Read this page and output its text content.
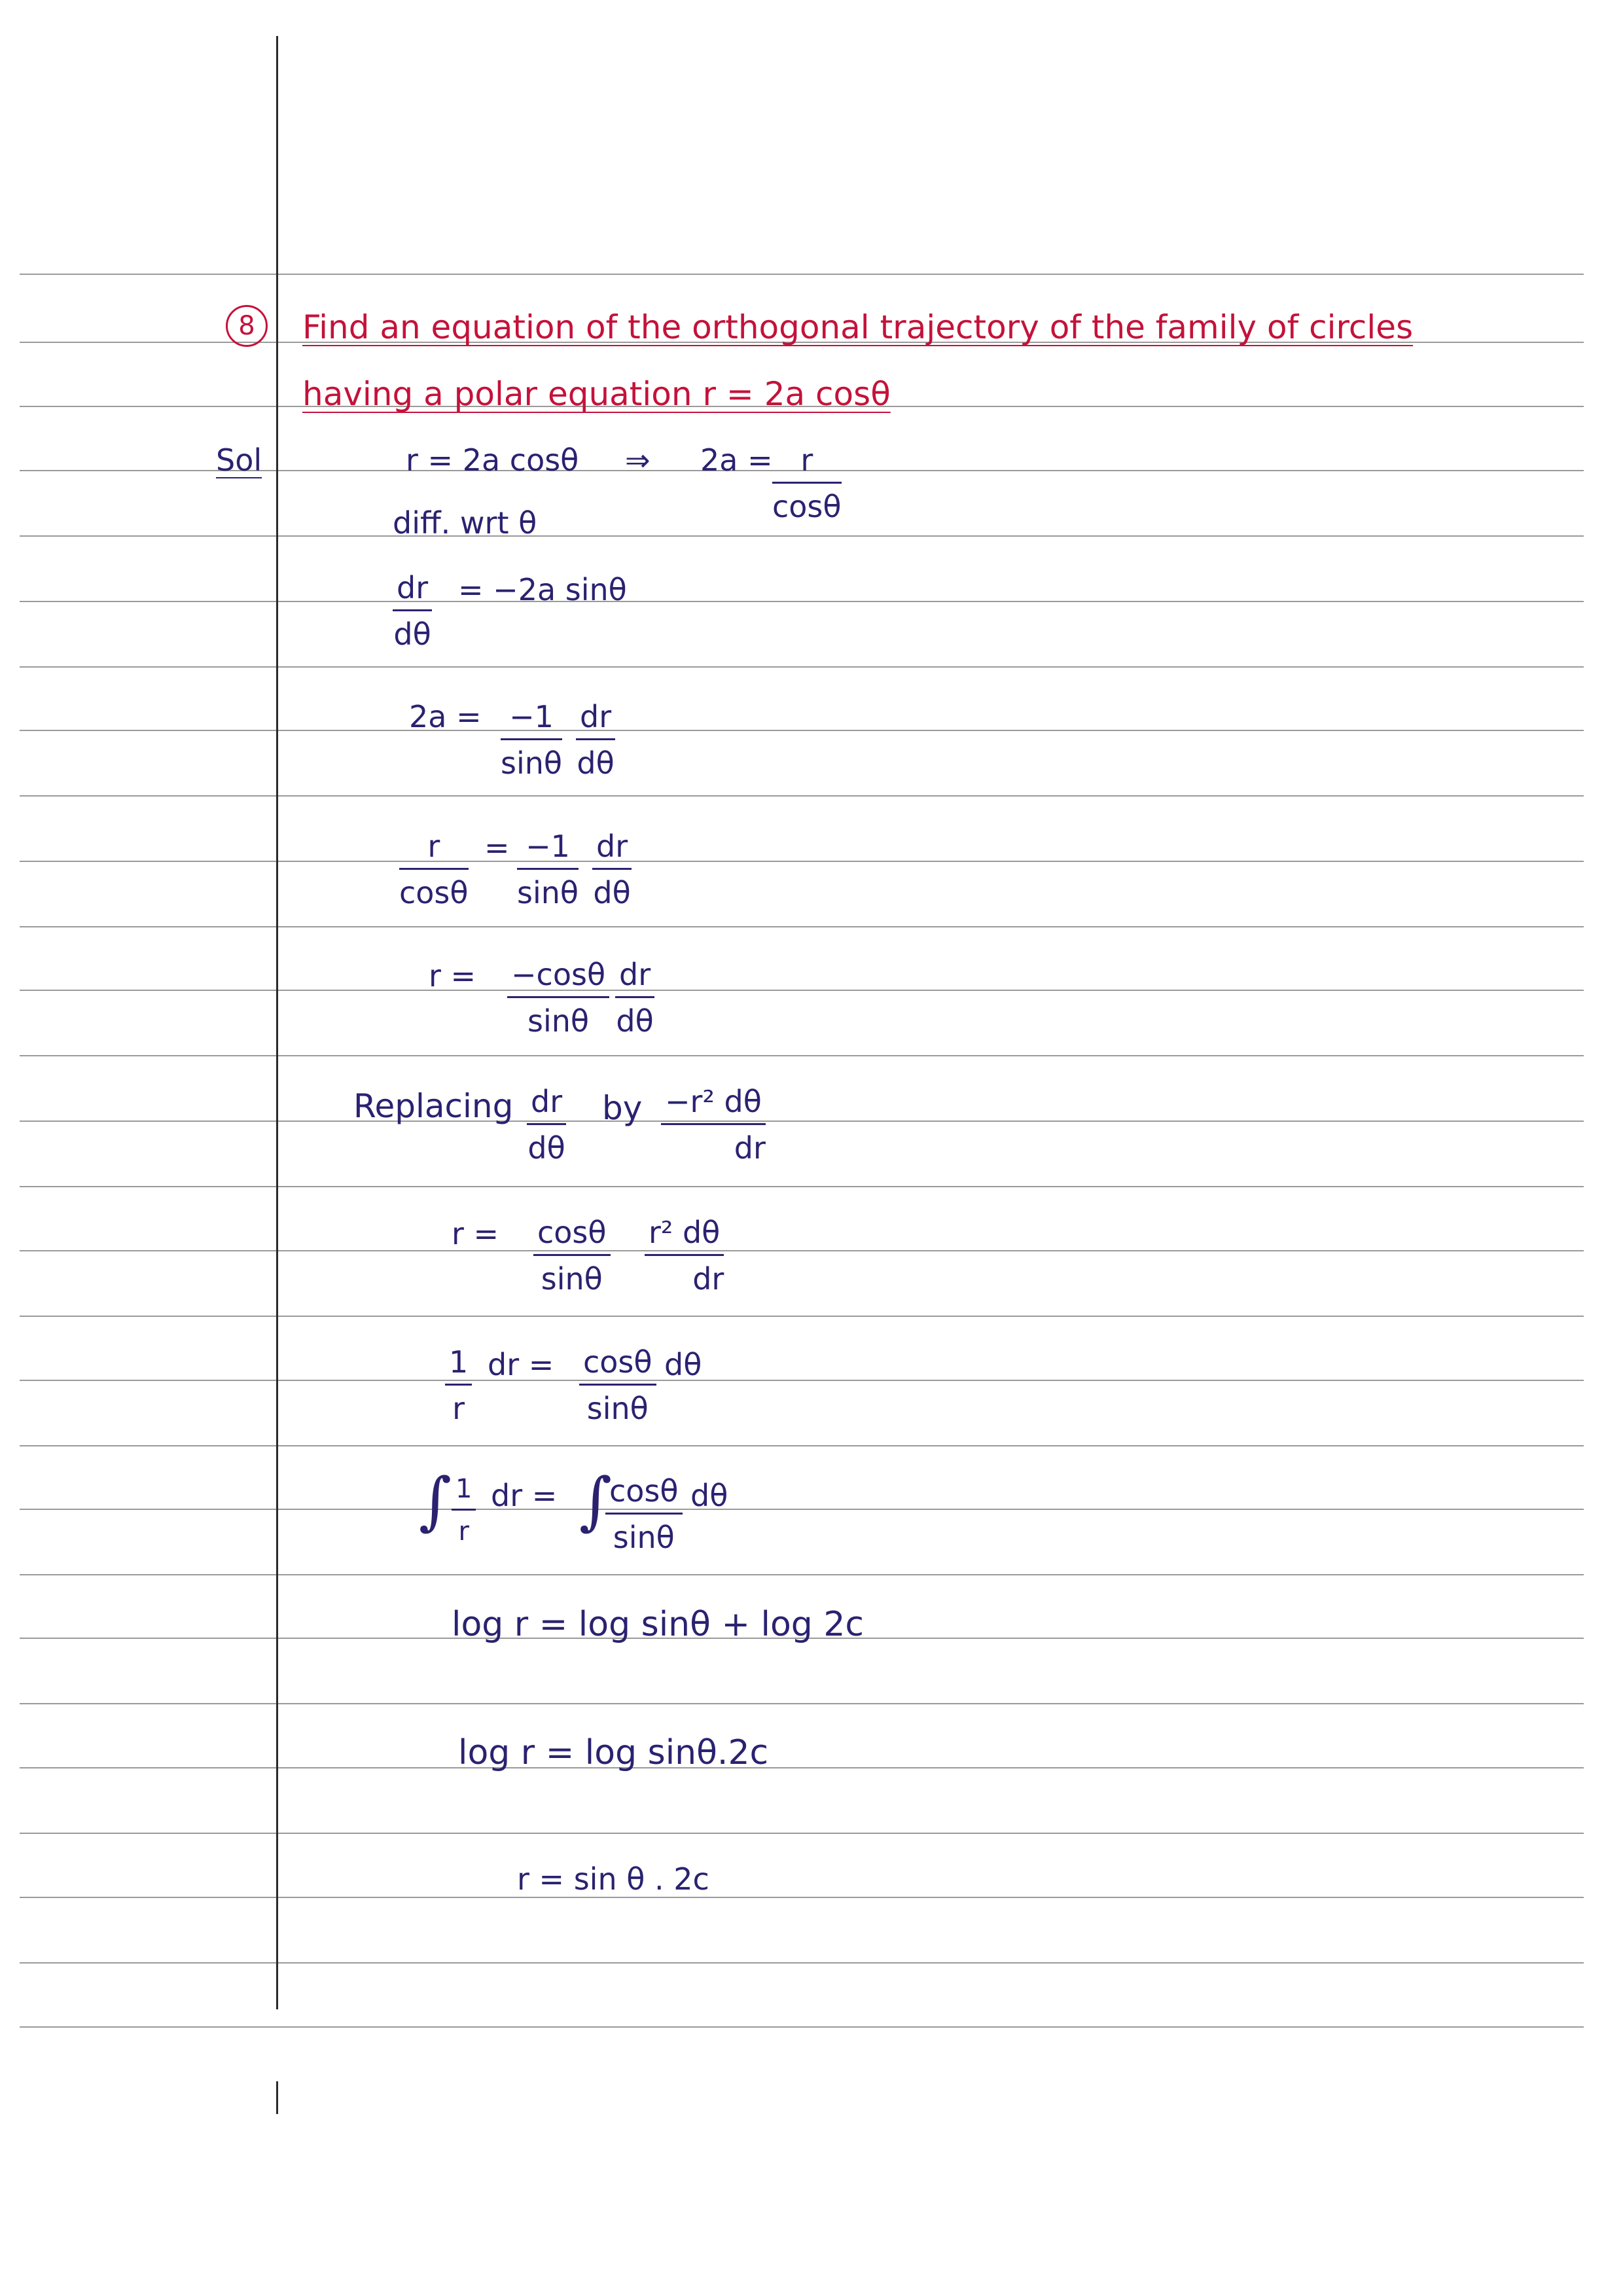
8	Find an equation of the orthogonal trajectory of the family of circles
having a polar equation r = 2a cosθ
Sol	r = 2a cosθ ⇒ $2a = \frac{r}{\cos\theta}$
diff. wrt θ
$\frac{dr}{d\theta} = -2a$ sinθ
$2a = \frac{-1}{\sin\theta} \frac{dr}{d\theta}$
$\frac{r}{\cos\theta} = \frac{-1}{\sin\theta} \frac{dr}{d\theta}$
$r = \frac{-\cos\theta}{\sin\theta} \frac{dr}{d\theta}$
Replacing $\frac{dr}{d\theta}$ by $\frac{\text{−r² dθ}}{dr}$
$r = \frac{\cos\theta}{\sin\theta} \frac{\text{r² dθ}}{dr}$
$\frac{1}{r}$ dr = $\frac{\cos\theta}{\sin\theta}$ dθ
∫ $\frac{1}{r}$ dr = ∫
$\frac{\cos\theta}{\sin\theta}$ dθ
log r = log sinθ + log 2c
log r = log sinθ.2c
r = sin θ . 2c
